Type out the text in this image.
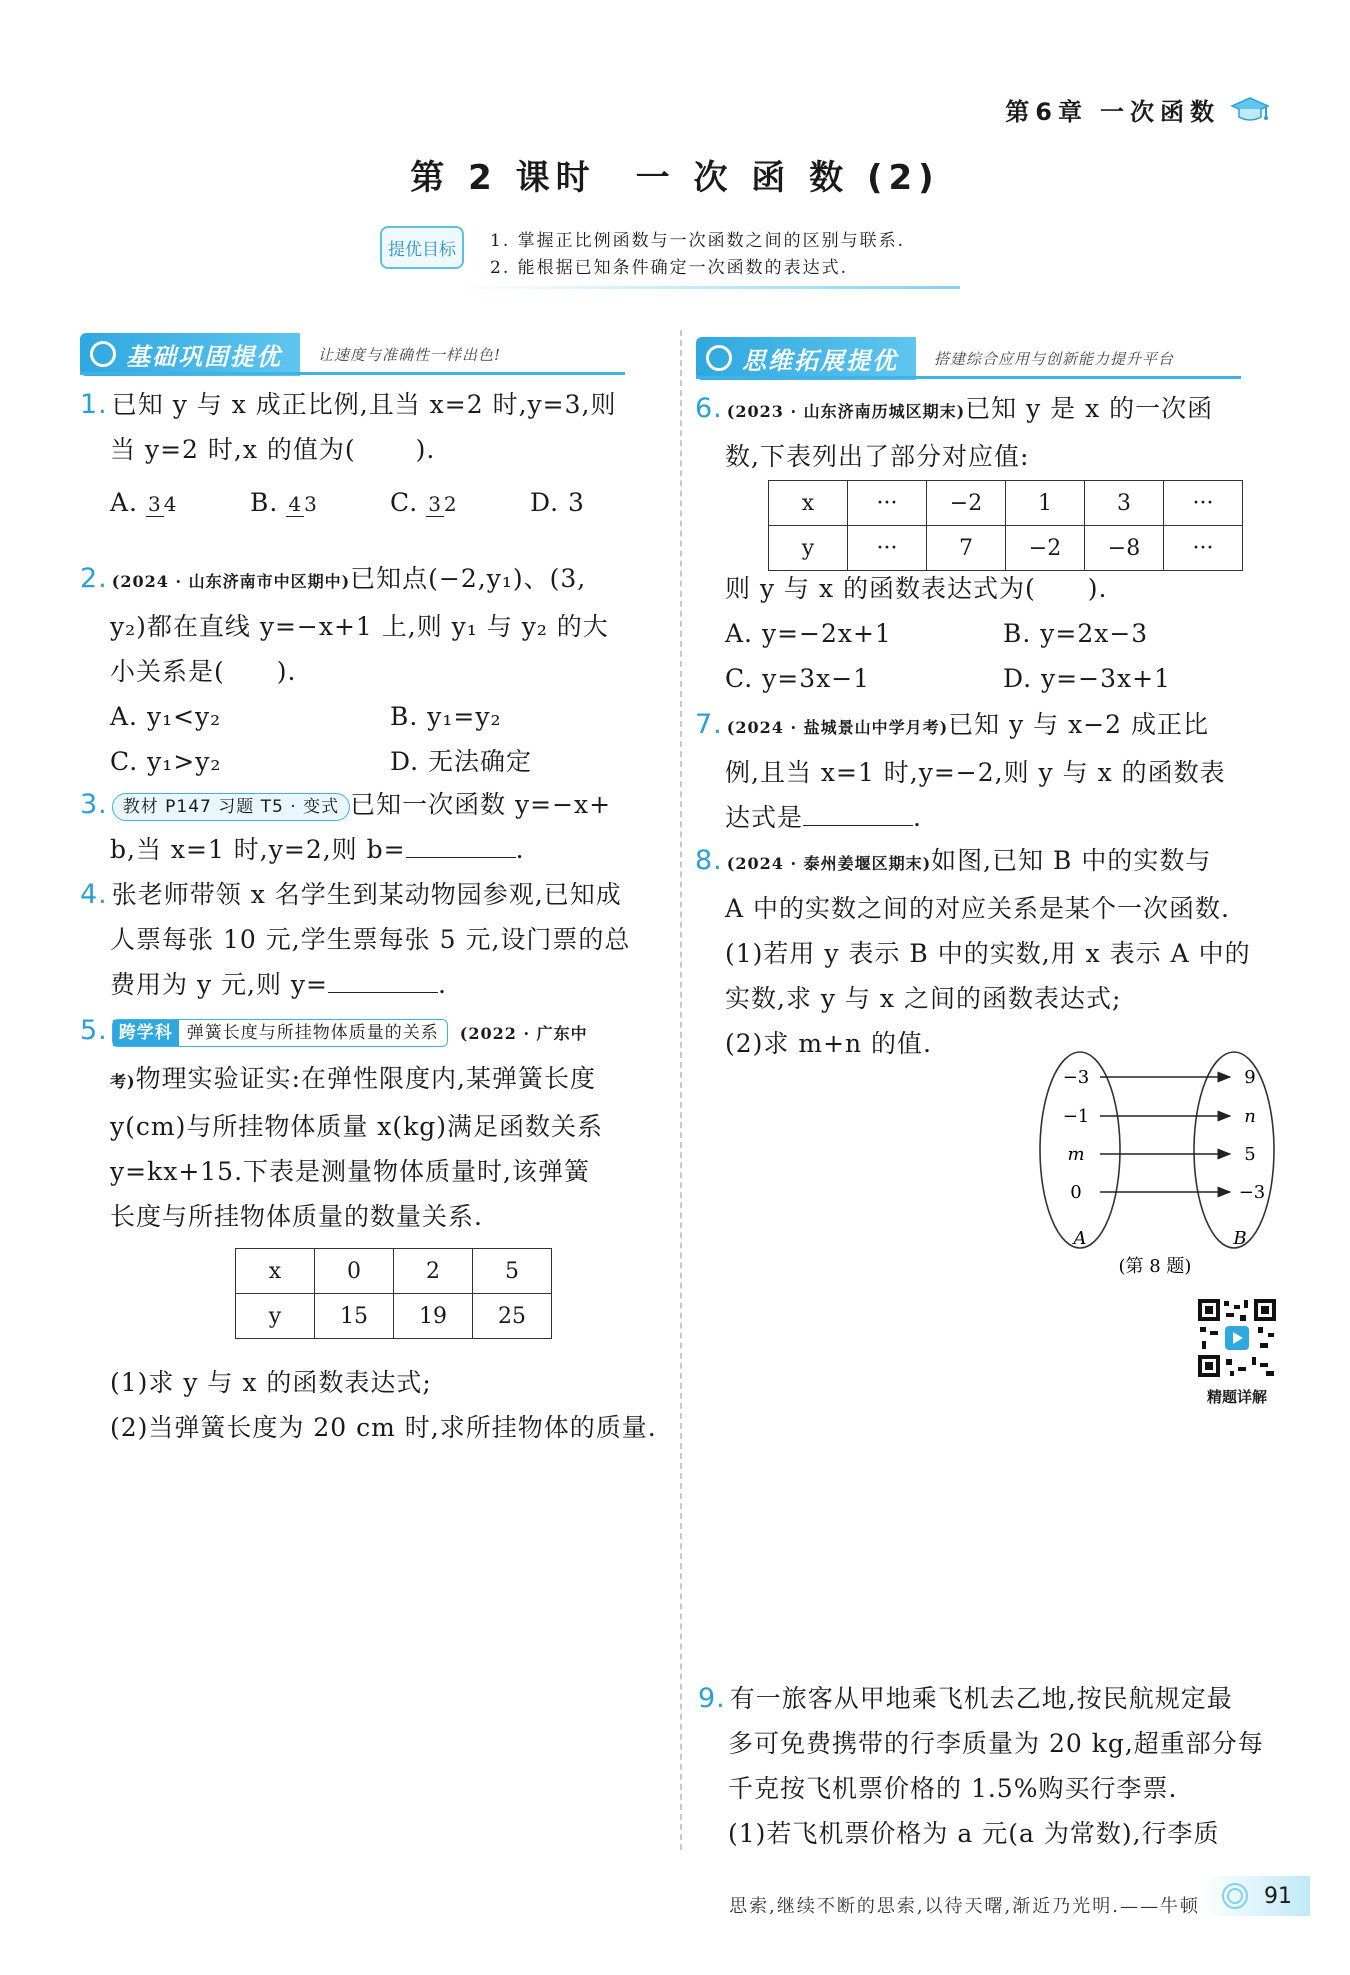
第6章 一次函数
第 2 课时　一 次 函 数 (2)
提优目标	1. 掌握正比例函数与一次函数之间的区别与联系.
2. 能根据已知条件确定一次函数的表达式.
基础巩固提优 让速度与准确性一样出色!	思维拓展提优 搭建综合应用与创新能力提升平台
1. 已知 y 与 x 成正比例,且当 x=2 时,y=3,则
当 y=2 时,x 的值为( ).
A. 3 4	B. 4 3	C. 3 2	D. 3
2. (2024 · 山东济南市中区期中)已知点(−2,y₁)、(3,
y₂)都在直线 y=−x+1 上,则 y₁ 与 y₂ 的大
小关系是(　　).
A. y₁<y₂	B. y₁=y₂
C. y₁>y₂	D. 无法确定
3. 教材 P147 习题 T5 · 变式 已知一次函数 y=−x+
b,当 x=1 时,y=2,则 b=	.
4. 张老师带领 x 名学生到某动物园参观,已知成
人票每张 10 元,学生票每张 5 元,设门票的总
费用为 y 元,则 y=	.
5. 跨学科 弹簧长度与所挂物体质量的关系	(2022 · 广东中
考)物理实验证实:在弹性限度内,某弹簧长度
y(cm)与所挂物体质量 x(kg)满足函数关系
y=kx+15.下表是测量物体质量时,该弹簧
长度与所挂物体质量的数量关系.
x	0	2	5
y	15	19	25
(1)求 y 与 x 的函数表达式;
(2)当弹簧长度为 20 cm 时,求所挂物体的质量.
6. (2023 · 山东济南历城区期末)已知 y 是 x 的一次函
数,下表列出了部分对应值:
x	···	−2	1	3	···
y	···	7	−2	−8	···
则 y 与 x 的函数表达式为(　　).
A. y=−2x+1	B. y=2x−3
C. y=3x−1	D. y=−3x+1
7. (2024 · 盐城景山中学月考)已知 y 与 x−2 成正比
例,且当 x=1 时,y=−2,则 y 与 x 的函数表
达式是	.
8. (2024 · 泰州姜堰区期末)如图,已知 B 中的实数与
A 中的实数之间的对应关系是某个一次函数.
(1)若用 y 表示 B 中的实数,用 x 表示 A 中的
实数,求 y 与 x 之间的函数表达式;
(2)求 m+n 的值.
−3
−1
m
0
9
n
5
−3
A	B
(第 8 题)
精题详解
9. 有一旅客从甲地乘飞机去乙地,按民航规定最
多可免费携带的行李质量为 20 kg,超重部分每
千克按飞机票价格的 1.5%购买行李票.
(1)若飞机票价格为 a 元(a 为常数),行李质
思索,继续不断的思索,以待天曙,渐近乃光明.——牛顿	91
